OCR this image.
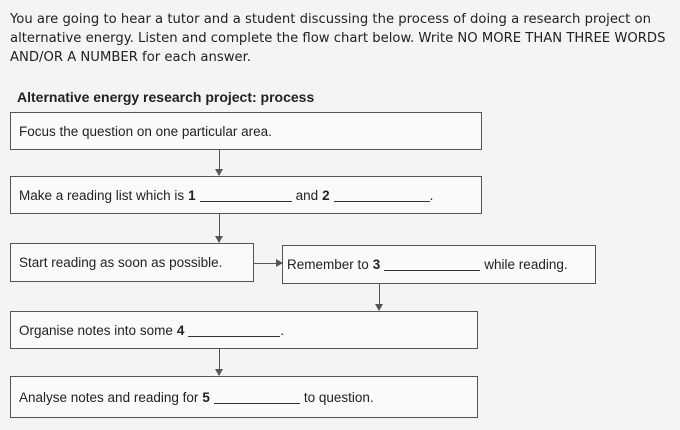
You are going to hear a tutor and a student discussing the process of doing a research project on alternative energy. Listen and complete the flow chart below. Write NO MORE THAN THREE WORDS AND/OR A NUMBER for each answer.
Alternative energy research project: process
Focus the question on one particular area.
Make a reading list which is 1	and 2	.
Start reading as soon as possible.	Remember to 3	while reading.
Organise notes into some 4	.
Analyse notes and reading for 5	to question.
